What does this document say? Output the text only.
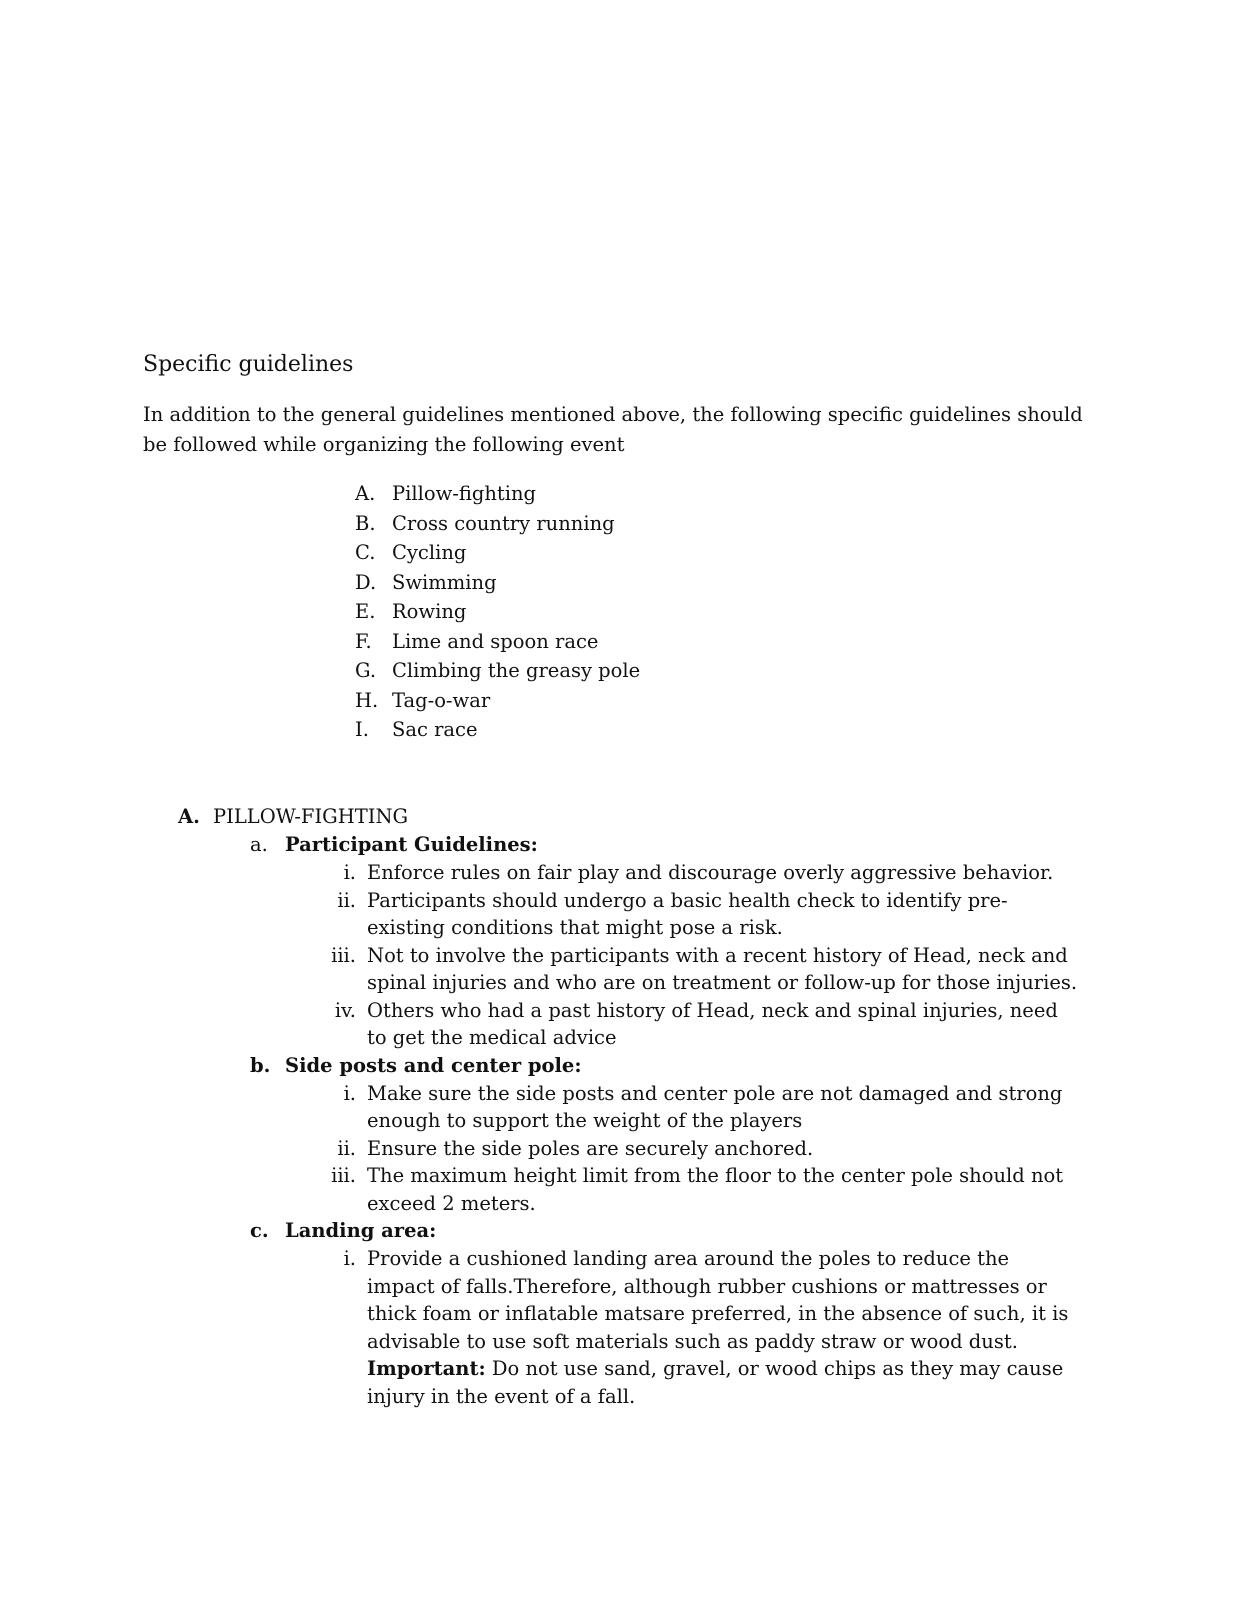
Specific guidelines

In addition to the general guidelines mentioned above, the following specific guidelines should be followed while organizing the following event

A. Pillow-fighting
B. Cross country running
C. Cycling
D. Swimming
E. Rowing
F.	Lime and spoon race
G. Climbing the greasy pole
H. Tag-o-war
I.	Sac race
A. PILLOW-FIGHTING
a. Participant Guidelines:
i. Enforce rules on fair play and discourage overly aggressive behavior.
ii. Participants should undergo a basic health check to identify pre-existing conditions that might pose a risk.
iii. Not to involve the participants with a recent history of Head, neck and spinal injuries and who are on treatment or follow-up for those injuries.
iv. Others who had a past history of Head, neck and spinal injuries, need to get the medical advice
b. Side posts and center pole:
i. Make sure the side posts and center pole are not damaged and strong enough to support the weight of the players
ii. Ensure the side poles are securely anchored.
iii. The maximum height limit from the floor to the center pole should not exceed 2 meters.
c. Landing area:
i. Provide a cushioned landing area around the poles to reduce the impact of falls.Therefore, although rubber cushions or mattresses or thick foam or inflatable matsare preferred, in the absence of such, it is advisable to use soft materials such as paddy straw or wood dust.
Important: Do not use sand, gravel, or wood chips as they may cause injury in the event of a fall.
